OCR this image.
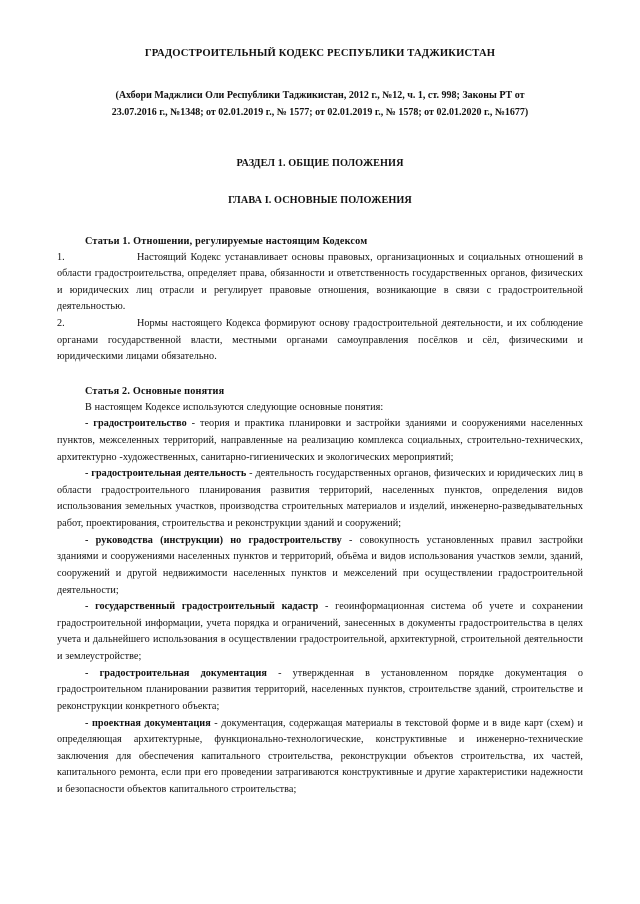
ГРАДОСТРОИТЕЛЬНЫЙ КОДЕКС РЕСПУБЛИКИ ТАДЖИКИСТАН
(Ахбори Маджлиси Оли Республики Таджикистан, 2012 г., №12, ч. 1, ст. 998; Законы РТ от
23.07.2016 г., №1348; от 02.01.2019 г., № 1577; от 02.01.2019 г., № 1578; от 02.01.2020 г., №1677)
РАЗДЕЛ 1. ОБЩИЕ ПОЛОЖЕНИЯ
ГЛАВА I. ОСНОВНЫЕ ПОЛОЖЕНИЯ
Статьи 1. Отношении, регулируемые настоящим Кодексом

1.	Настоящий Кодекс устанавливает основы правовых, организационных и социальных отношений в области градостроительства, определяет права, обязанности и ответственность государственных органов, физических и юридических лиц отрасли и регулирует правовые отношения, возникающие в связи с градостроительной деятельностью.

2.	Нормы настоящего Кодекса формируют основу градостроительной деятельности, и их соблюдение органами государственной власти, местными органами самоуправления посёлков и сёл, физическими и юридическими лицами обязательно.

Статья 2. Основные понятия

В настоящем Кодексе используются следующие основные понятия:

- градостроительство - теория и практика планировки и застройки зданиями и сооружениями населенных пунктов, межселенных территорий, направленные на реализацию комплекса социальных, строительно-технических, архитектурно -художественных, санитарно-гигиенических и экологических мероприятий;

- градостроительная деятельность - деятельность государственных органов, физических и юридических лиц в области градостроительного планирования развития территорий, населенных пунктов, определения видов использования земельных участков, производства строительных материалов и изделий, инженерно-разведывательных работ, проектирования, строительства и реконструкции зданий и сооружений;

- руководства (инструкции) но градостроительству - совокупность установленных правил застройки зданиями и сооружениями населенных пунктов и территорий, объёма и видов использования участков земли, зданий, сооружений и другой недвижимости населенных пунктов и межселений при осуществлении градостроительной деятельности;

- государственный градостроительный кадастр - геоинформационная система об учете и сохранении градостроительной информации, учета порядка и ограничений, занесенных в документы градостроительства в целях учета и дальнейшего использования в осуществлении градостроительной, архитектурной, строительной деятельности и землеустройстве;

- градостроительная документация - утвержденная в установленном порядке документация о градостроительном планировании развития территорий, населенных пунктов, строительстве зданий, строительстве и реконструкции конкретного объекта;

- проектная документация - документация, содержащая материалы в текстовой форме и в виде карт (схем) и определяющая архитектурные, функционально-технологические, конструктивные и инженерно-технические заключения для обеспечения капитального строительства, реконструкции объектов строительства, их частей, капитального ремонта, если при его проведении затрагиваются конструктивные и другие характеристики надежности и безопасности объектов капитального строительства;
